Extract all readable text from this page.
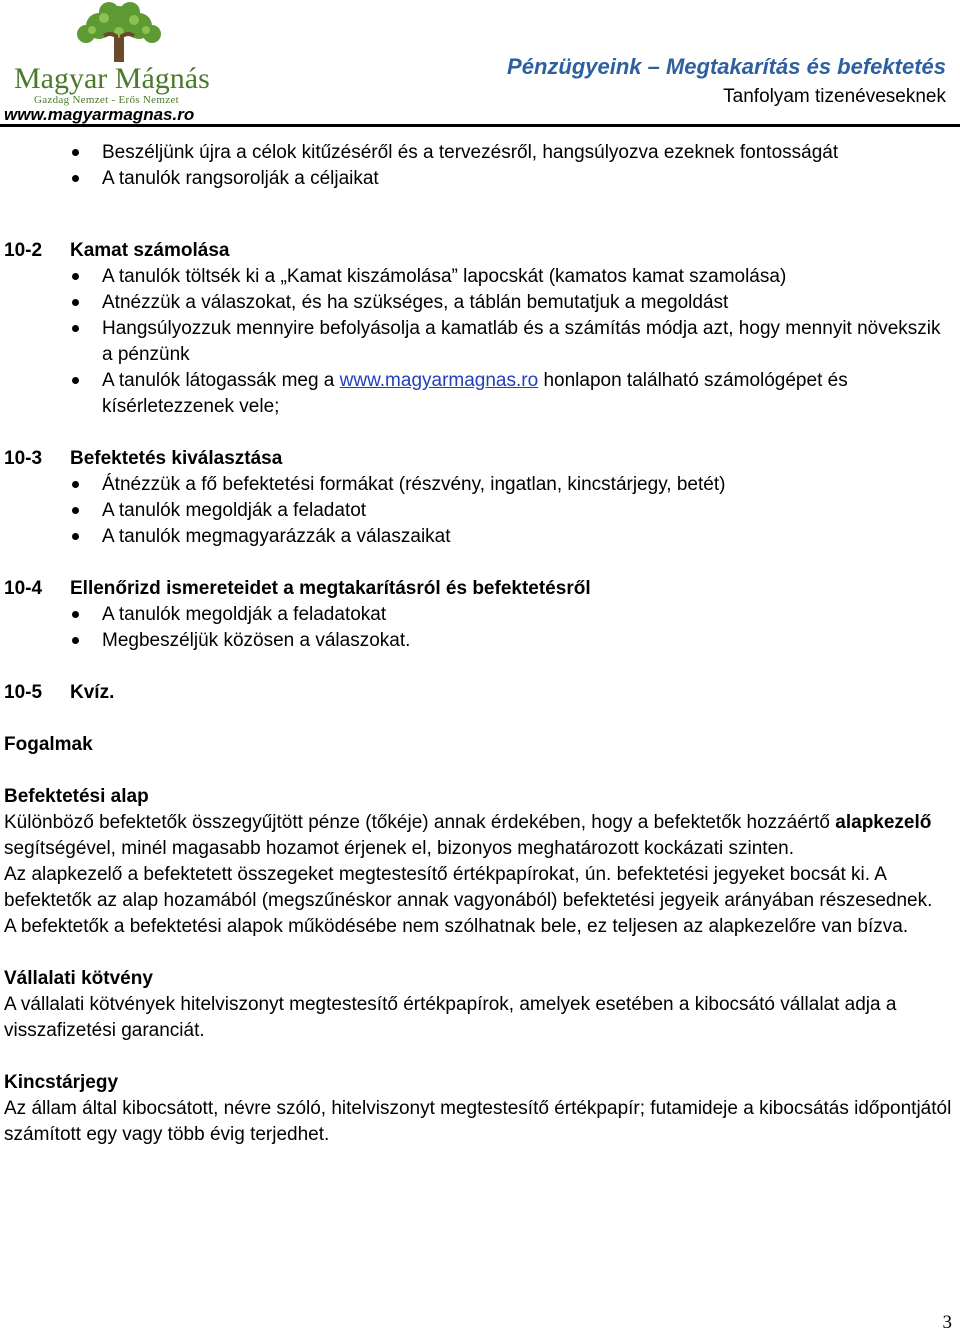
Magyar Mágnás
Gazdag Nemzet - Erős Nemzet
www.magyarmagnas.ro
Pénzügyeink – Megtakarítás és befektetés
Tanfolyam tizenéveseknek
Beszéljünk újra a célok kitűzéséről és a tervezésről, hangsúlyozva ezeknek fontosságát
A tanulók rangsorolják a céljaikat
10-2	Kamat számolása
A tanulók töltsék ki a „Kamat kiszámolása” lapocskát (kamatos kamat szamolása)
Atnézzük a válaszokat, és ha szükséges, a táblán bemutatjuk a megoldást
Hangsúlyozzuk mennyire befolyásolja a kamatláb és a számítás módja azt, hogy mennyit növekszik a pénzünk
A tanulók látogassák meg a www.magyarmagnas.ro honlapon található számológépet és kísérletezzenek vele;
10-3	Befektetés kiválasztása
Átnézzük a fő befektetési formákat (részvény, ingatlan, kincstárjegy, betét)
A tanulók megoldják a feladatot
A tanulók megmagyarázzák a válaszaikat
10-4	Ellenőrizd ismereteidet a megtakarításról és befektetésről
A tanulók megoldják a feladatokat
Megbeszéljük közösen a válaszokat.
10-5	Kvíz.
Fogalmak
Befektetési alap

Különböző befektetők összegyűjtött pénze (tőkéje) annak érdekében, hogy a befektetők hozzáértő alapkezelő segítségével, minél magasabb hozamot érjenek el, bizonyos meghatározott kockázati szinten.

Az alapkezelő a befektetett összegeket megtestesítő értékpapírokat, ún. befektetési jegyeket bocsát ki. A befektetők az alap hozamából (megszűnéskor annak vagyonából) befektetési jegyeik arányában részesednek.

A befektetők a befektetési alapok működésébe nem szólhatnak bele, ez teljesen az alapkezelőre van bízva.

Vállalati kötvény

A vállalati kötvények hitelviszonyt megtestesítő értékpapírok, amelyek esetében a kibocsátó vállalat adja a visszafizetési garanciát.

Kincstárjegy

Az állam által kibocsátott, névre szóló, hitelviszonyt megtestesítő értékpapír; futamideje a kibocsátás időpontjától számított egy vagy több évig terjedhet.

3
